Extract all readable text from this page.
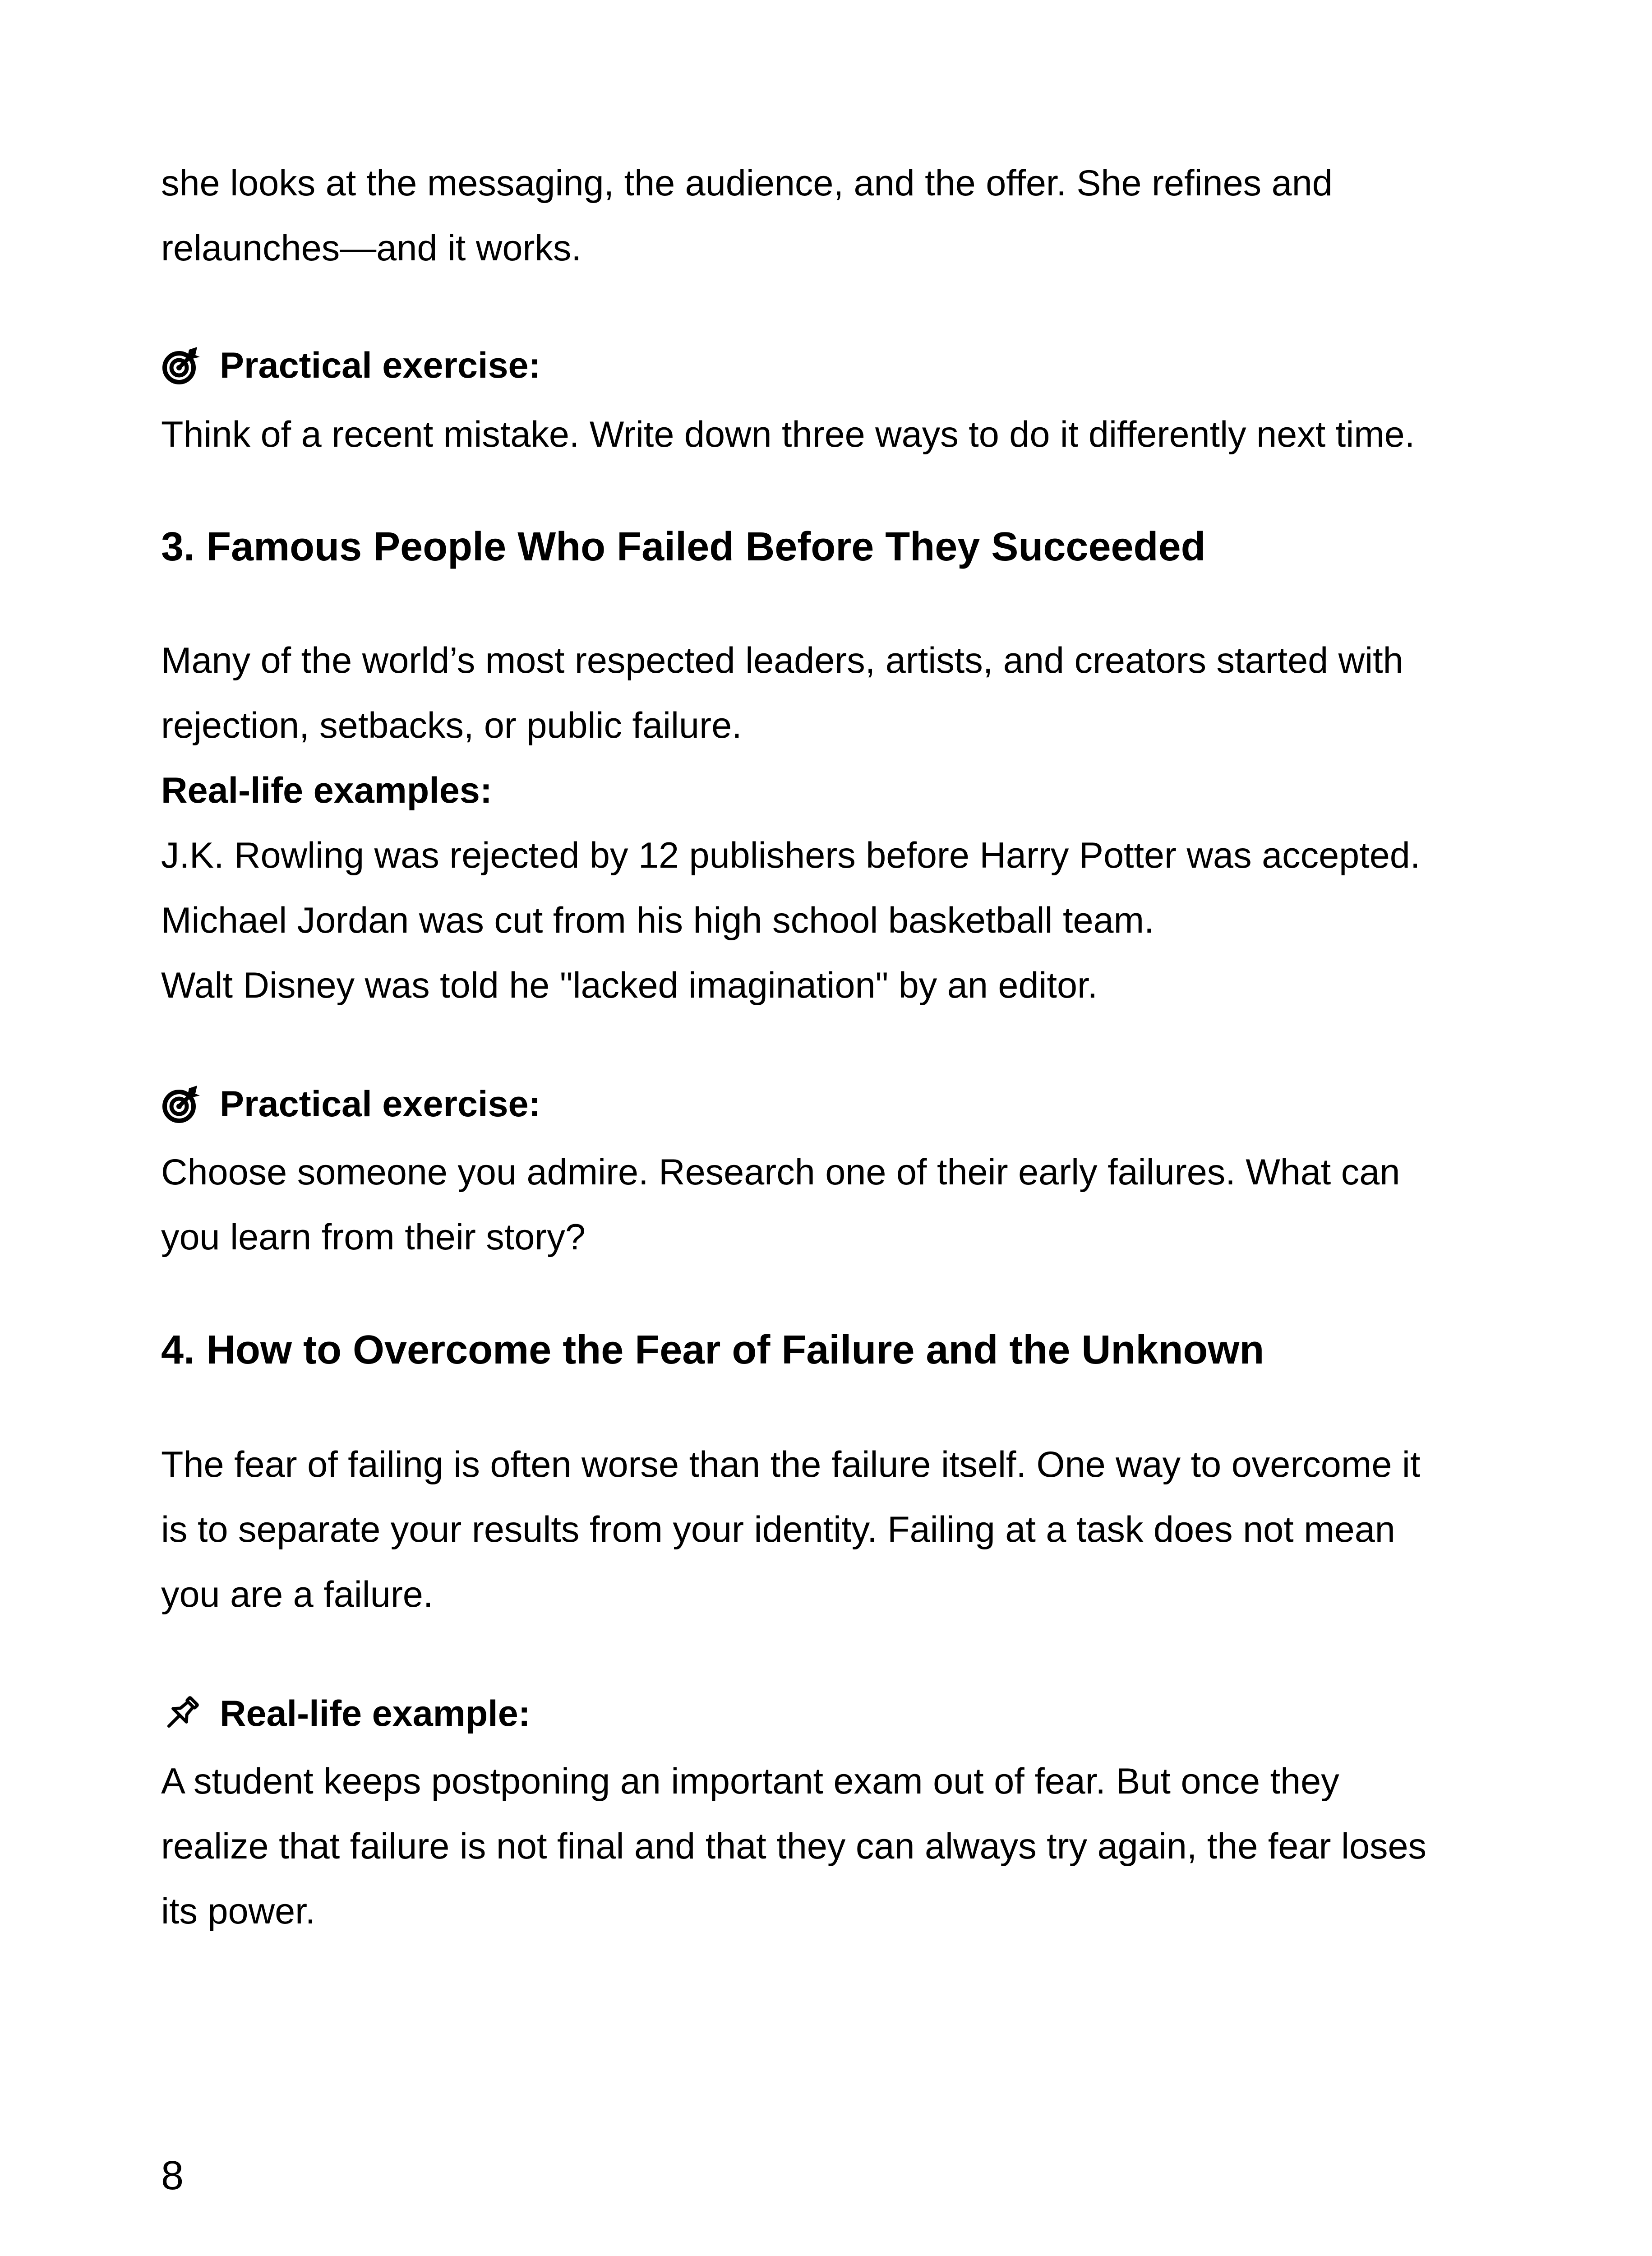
she looks at the messaging, the audience, and the offer. She refines and
relaunches—and it works.
Practical exercise:
Think of a recent mistake. Write down three ways to do it differently next time.
3. Famous People Who Failed Before They Succeeded
Many of the world’s most respected leaders, artists, and creators started with
rejection, setbacks, or public failure.
Real-life examples:
J.K. Rowling was rejected by 12 publishers before Harry Potter was accepted.
Michael Jordan was cut from his high school basketball team.
Walt Disney was told he "lacked imagination" by an editor.
Practical exercise:
Choose someone you admire. Research one of their early failures. What can
you learn from their story?
4. How to Overcome the Fear of Failure and the Unknown
The fear of failing is often worse than the failure itself. One way to overcome it
is to separate your results from your identity. Failing at a task does not mean
you are a failure.
Real-life example:
A student keeps postponing an important exam out of fear. But once they
realize that failure is not final and that they can always try again, the fear loses
its power.
8
